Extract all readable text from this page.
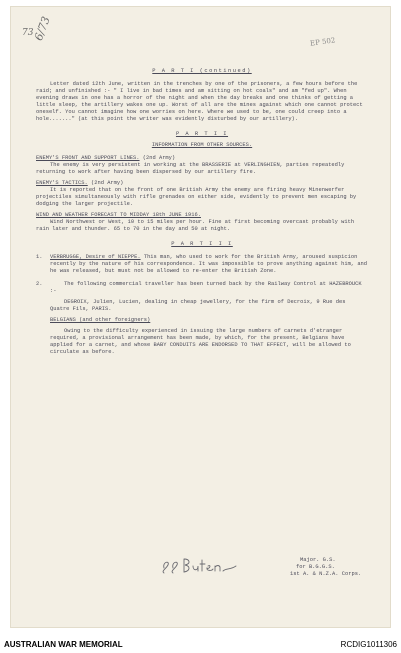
73
6/73	EP 502

P A R T I (continued)

Letter dated 12th June, written in the trenches by one of the prisoners, a few hours before the raid; and unfinished :- " I live in bad times and am sitting on hot coals" and am "fed up". When evening draws in one has a horror of the night and when the day breaks and one thinks of getting a little sleep, the artillery wakes one up. Worst of all are the mines against which one cannot protect oneself. You cannot imagine how one worries on here. Where we used to be, one could creep into a hole......." (at this point the writer was evidently disturbed by our artillery).

P A R T I I

INFORMATION FROM OTHER SOURCES.

ENEMY'S FRONT AND SUPPORT LINES. (2nd Army)

The enemy is very persistent in working at the BRASSERIE at VERLINGHIEN, parties repeatedly returning to work after having been dispersed by our artillery fire.

ENEMY'S TACTICS. (2nd Army)

It is reported that on the front of one British Army the enemy are firing heavy Minenwerfer projectiles simultaneously with rifle grenades on either side, evidently to prevent men escaping by dodging the larger projectile.

WIND AND WEATHER FORECAST TO MIDDAY 18th JUNE 1916.

Wind Northwest or West, 10 to 15 miles per hour. Fine at first becoming overcast probably with rain later and thunder. 65 to 70 in the day and 50 at night.

P A R T I I I

1.	VERBRUGGE, Desire of NIEPPE. This man, who used to work for the British Army, aroused suspicion recently by the nature of his correspondence. It was impossible to prove anything against him, and he was released, but must not be allowed to re-enter the British Zone.

2.	The following commercial traveller has been turned back by the Railway Control at HAZEBROUCK :-

DEGROIX, Julien, Lucien, dealing in cheap jewellery, for the firm of Decroix, 9 Rue des Quatre Fils, PARIS.

BELGIANS (and other foreigners)

Owing to the difficulty experienced in issuing the large numbers of carnets d'etranger required, a provisional arrangement has been made, by which, for the present, Belgians have applied for a carnet, and whose BABY CONDUITS ARE ENDORSED TO THAT EFFECT, will be allowed to circulate as before.

Major. G.S.
for B.G.G.S.
1st A. & N.Z.A. Corps.
AUSTRALIAN WAR MEMORIAL	RCDIG1011306
